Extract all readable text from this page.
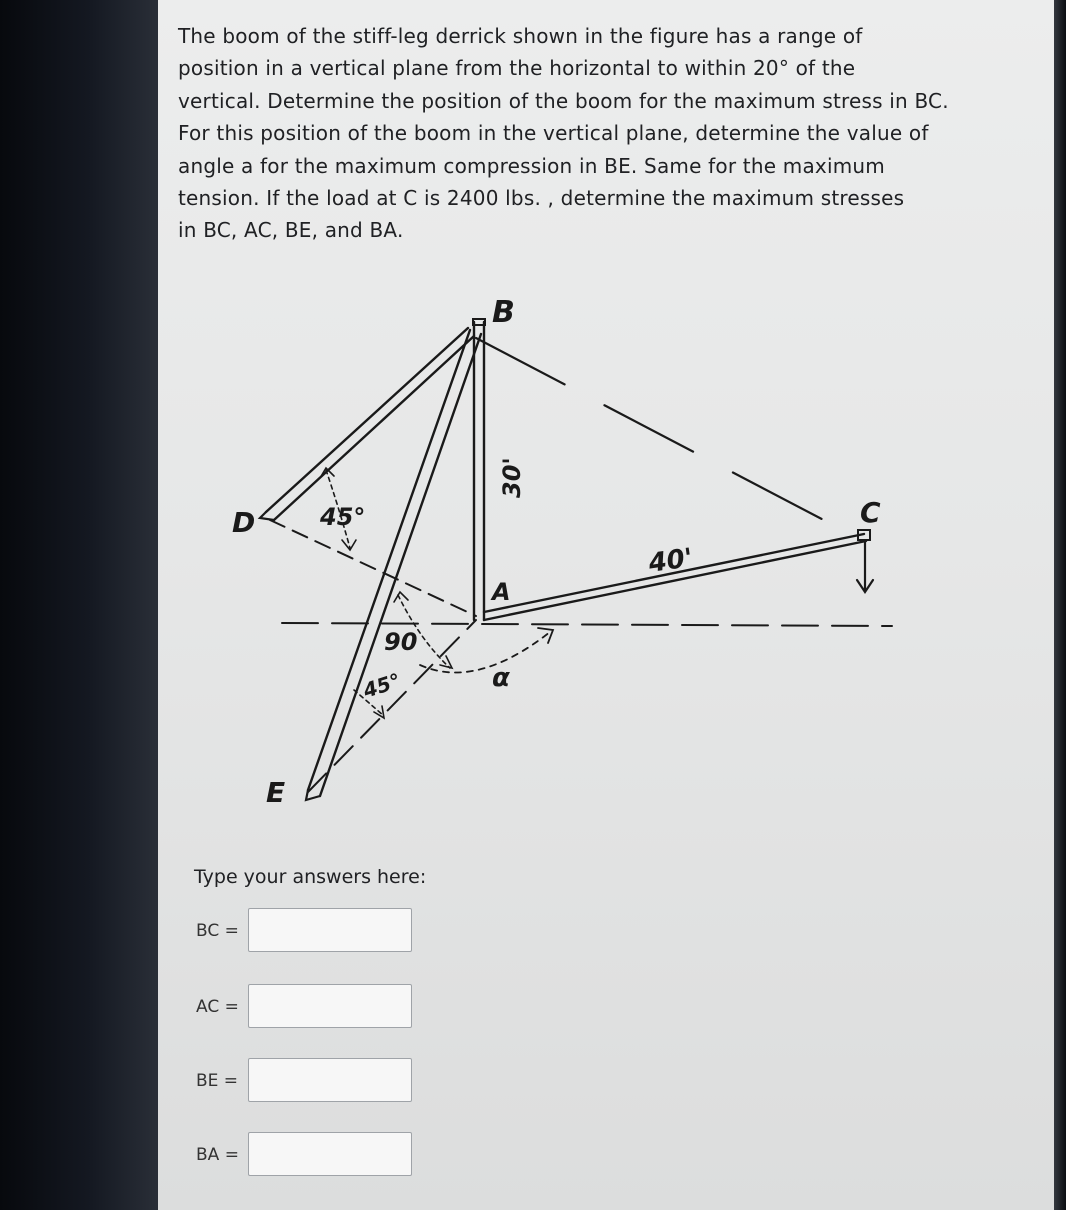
The boom of the stiff-leg derrick shown in the figure has a range of
position in a vertical plane from the horizontal to within 20° of the
vertical. Determine the position of the boom for the maximum stress in BC.
For this position of the boom in the vertical plane, determine the value of
angle a for the maximum compression in BE. Same for the maximum
tension. If the load at C is 2400 lbs. , determine the maximum stresses
in BC, AC, BE, and BA.

B
C
D
A
E
30'
40'
45°
90
45°	α
Type your answers here:
BC =
AC =
BE =
BA =
